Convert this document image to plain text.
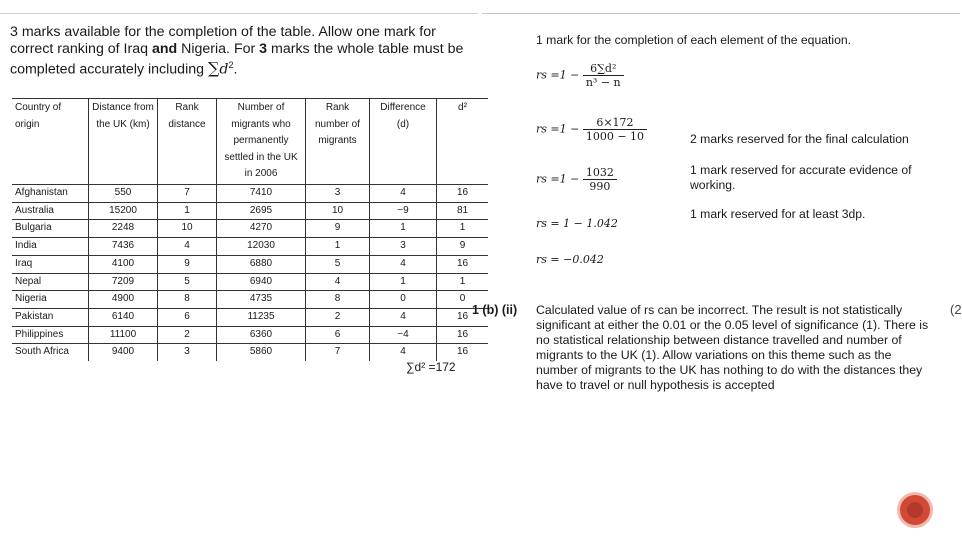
3 marks available for the completion of the table. Allow one mark for correct ranking of Iraq and Nigeria. For 3 marks the whole table must be completed accurately including $\sum d^2$.
Country of origin	Distance from the UK (km)	Rank distance	Number of migrants who permanently settled in the UK in 2006	Rank number of migrants	Difference (d)	d²
Afghanistan	550	7	7410	3	4	16
Australia	15200	1	2695	10	−9	81
Bulgaria	2248	10	4270	9	1	1
India	7436	4	12030	1	3	9
Iraq	4100	9	6880	5	4	16
Nepal	7209	5	6940	4	1	1
Nigeria	4900	8	4735	8	0	0
Pakistan	6140	6	11235	2	4	16
Philippines	11100	2	6360	6	−4	16
South Africa	9400	3	5860	7	4	16
∑d² =172
1 mark for the completion of each element of the equation.
rs $=1 - \frac{\text{6∑d²}}{\text{n³ − n}}$
rs $=1 - \frac{6\times 172}{1000 - 10}$
rs $=1 - \frac{1032}{990}$
rs = 1 − 1.042
rs = −0.042
2 marks reserved for the final calculation
1 mark reserved for accurate evidence of working.
1 mark reserved for at least 3dp.
1 (b) (ii) Calculated value of rs can be incorrect. The result is not statistically significant at either the 0.01 or the 0.05 level of significance (1). There is no statistical relationship between distance travelled and number of migrants to the UK (1). Allow variations on this theme such as the number of migrants to the UK has nothing to do with the distances they have to travel or null hypothesis is accepted
(2
